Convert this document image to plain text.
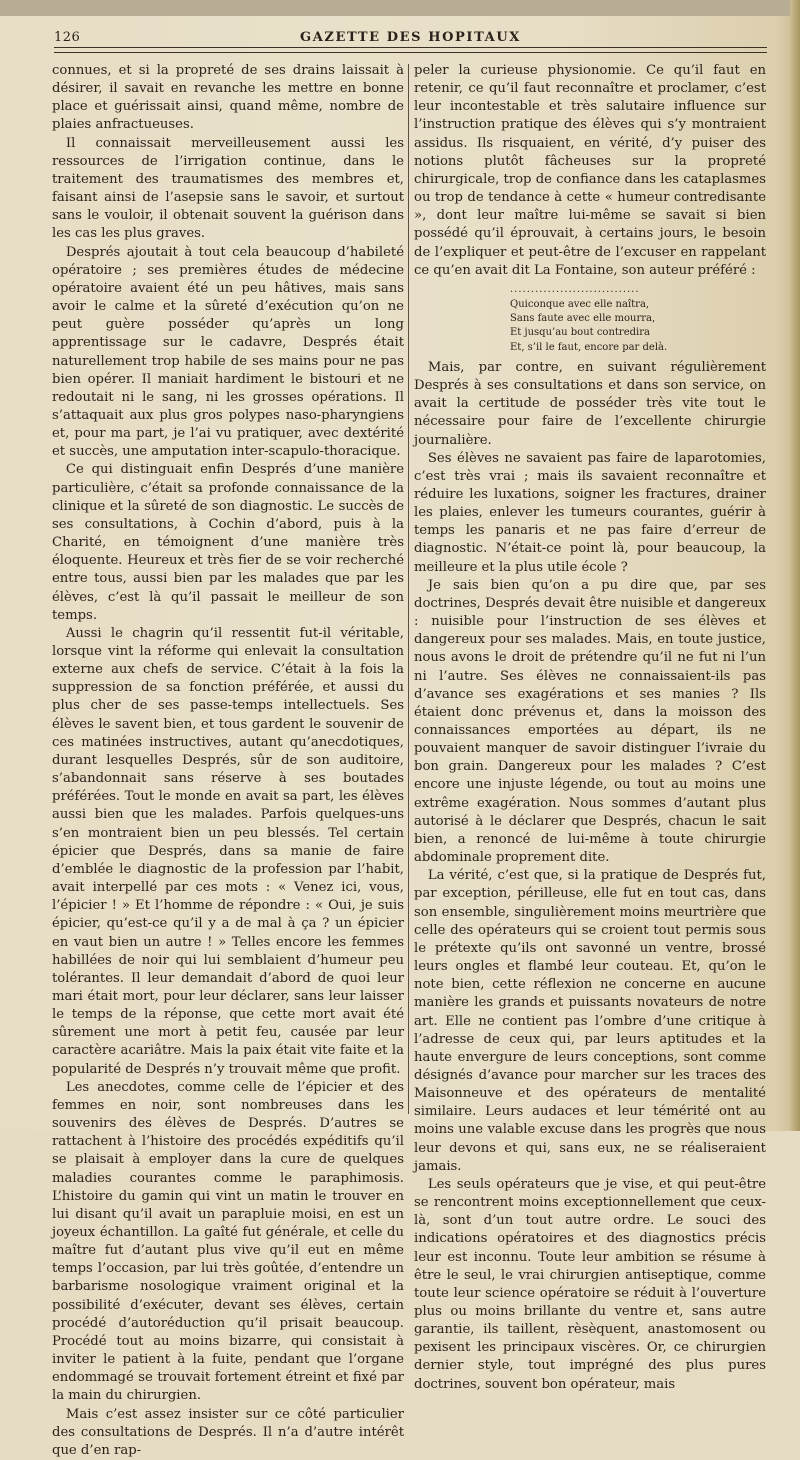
126	GAZETTE DES HOPITAUX

connues, et si la propreté de ses drains laissait à désirer, il savait en revanche les mettre en bonne place et guérissait ainsi, quand même, nombre de plaies anfractueuses.

Il connaissait merveilleusement aussi les ressources de l’irrigation continue, dans le traitement des traumatismes des membres et, faisant ainsi de l’asepsie sans le savoir, et surtout sans le vouloir, il obtenait souvent la guérison dans les cas les plus graves.

Després ajoutait à tout cela beaucoup d’habileté opératoire ; ses premières études de médecine opératoire avaient été un peu hâtives, mais sans avoir le calme et la sûreté d’exécution qu’on ne peut guère posséder qu’après un long apprentissage sur le cadavre, Després était naturellement trop habile de ses mains pour ne pas bien opérer. Il maniait hardiment le bistouri et ne redoutait ni le sang, ni les grosses opérations. Il s’attaquait aux plus gros polypes naso-pharyngiens et, pour ma part, je l’ai vu pratiquer, avec dextérité et succès, une amputation inter-scapulo-thoracique.

Ce qui distinguait enfin Després d’une manière particulière, c’était sa profonde connaissance de la clinique et la sûreté de son diagnostic. Le succès de ses consultations, à Cochin d’abord, puis à la Charité, en témoignent d’une manière très éloquente. Heureux et très fier de se voir recherché entre tous, aussi bien par les malades que par les élèves, c’est là qu’il passait le meilleur de son temps.

Aussi le chagrin qu’il ressentit fut-il véritable, lorsque vint la réforme qui enlevait la consultation externe aux chefs de service. C’était à la fois la suppression de sa fonction préférée, et aussi du plus cher de ses passe-temps intellectuels. Ses élèves le savent bien, et tous gardent le souvenir de ces matinées instructives, autant qu’anecdotiques, durant lesquelles Després, sûr de son auditoire, s’abandonnait sans réserve à ses boutades préférées. Tout le monde en avait sa part, les élèves aussi bien que les malades. Parfois quelques-uns s’en montraient bien un peu blessés. Tel certain épicier que Després, dans sa manie de faire d’emblée le diagnostic de la profession par l’habit, avait interpellé par ces mots : « Venez ici, vous, l’épicier ! » Et l’homme de répondre : « Oui, je suis épicier, qu’est-ce qu’il y a de mal à ça ? un épicier en vaut bien un autre ! » Telles encore les femmes habillées de noir qui lui semblaient d’humeur peu tolérantes. Il leur demandait d’abord de quoi leur mari était mort, pour leur déclarer, sans leur laisser le temps de la réponse, que cette mort avait été sûrement une mort à petit feu, causée par leur caractère acariâtre. Mais la paix était vite faite et la popularité de Després n’y trouvait même que profit.

Les anecdotes, comme celle de l’épicier et des femmes en noir, sont nombreuses dans les souvenirs des élèves de Després. D’autres se rattachent à l’histoire des procédés expéditifs qu’il se plaisait à employer dans la cure de quelques maladies courantes comme le paraphimosis. L’histoire du gamin qui vint un matin le trouver en lui disant qu’il avait un parapluie moisi, en est un joyeux échantillon. La gaîté fut générale, et celle du maître fut d’autant plus vive qu’il eut en même temps l’occasion, par lui très goûtée, d’entendre un barbarisme nosologique vraiment original et la possibilité d’exécuter, devant ses élèves, certain procédé d’autoréduction qu’il prisait beaucoup. Procédé tout au moins bizarre, qui consistait à inviter le patient à la fuite, pendant que l’organe endommagé se trouvait fortement étreint et fixé par la main du chirurgien.

Mais c’est assez insister sur ce côté particulier des consultations de Després. Il n’a d’autre intérêt que d’en rap-

peler la curieuse physionomie. Ce qu’il faut en retenir, ce qu’il faut reconnaître et proclamer, c’est leur incontestable et très salutaire influence sur l’instruction pratique des élèves qui s’y montraient assidus. Ils risquaient, en vérité, d’y puiser des notions plutôt fâcheuses sur la propreté chirurgicale, trop de confiance dans les cataplasmes ou trop de tendance à cette « humeur contredisante », dont leur maître lui-même se savait si bien possédé qu’il éprouvait, à certains jours, le besoin de l’expliquer et peut-être de l’excuser en rappelant ce qu’en avait dit La Fontaine, son auteur préféré :

...............................
Quiconque avec elle naîtra,
Sans faute avec elle mourra,
Et jusqu’au bout contredira
Et, s’il le faut, encore par delà.

Mais, par contre, en suivant régulièrement Després à ses consultations et dans son service, on avait la certitude de posséder très vite tout le nécessaire pour faire de l’excellente chirurgie journalière.

Ses élèves ne savaient pas faire de laparotomies, c’est très vrai ; mais ils savaient reconnaître et réduire les luxations, soigner les fractures, drainer les plaies, enlever les tumeurs courantes, guérir à temps les panaris et ne pas faire d’erreur de diagnostic. N’était-ce point là, pour beaucoup, la meilleure et la plus utile école ?

Je sais bien qu’on a pu dire que, par ses doctrines, Després devait être nuisible et dangereux : nuisible pour l’instruction de ses élèves et dangereux pour ses malades. Mais, en toute justice, nous avons le droit de prétendre qu’il ne fut ni l’un ni l’autre. Ses élèves ne connaissaient-ils pas d’avance ses exagérations et ses manies ? Ils étaient donc prévenus et, dans la moisson des connaissances emportées au départ, ils ne pouvaient manquer de savoir distinguer l’ivraie du bon grain. Dangereux pour les malades ? C’est encore une injuste légende, ou tout au moins une extrême exagération. Nous sommes d’autant plus autorisé à le déclarer que Després, chacun le sait bien, a renoncé de lui-même à toute chirurgie abdominale proprement dite.

La vérité, c’est que, si la pratique de Després fut, par exception, périlleuse, elle fut en tout cas, dans son ensemble, singulièrement moins meurtrière que celle des opérateurs qui se croient tout permis sous le prétexte qu’ils ont savonné un ventre, brossé leurs ongles et flambé leur couteau. Et, qu’on le note bien, cette réflexion ne concerne en aucune manière les grands et puissants novateurs de notre art. Elle ne contient pas l’ombre d’une critique à l’adresse de ceux qui, par leurs aptitudes et la haute envergure de leurs conceptions, sont comme désignés d’avance pour marcher sur les traces des Maisonneuve et des opérateurs de mentalité similaire. Leurs audaces et leur témérité ont au moins une valable excuse dans les progrès que nous leur devons et qui, sans eux, ne se réaliseraient jamais.

Les seuls opérateurs que je vise, et qui peut-être se rencontrent moins exceptionnellement que ceux-là, sont d’un tout autre ordre. Le souci des indications opératoires et des diagnostics précis leur est inconnu. Toute leur ambition se résume à être le seul, le vrai chirurgien antiseptique, comme toute leur science opératoire se réduit à l’ouverture plus ou moins brillante du ventre et, sans autre garantie, ils taillent, rèsèquent, anastomosent ou pexisent les principaux viscères. Or, ce chirurgien dernier style, tout imprégné des plus pures doctrines, souvent bon opérateur, mais
